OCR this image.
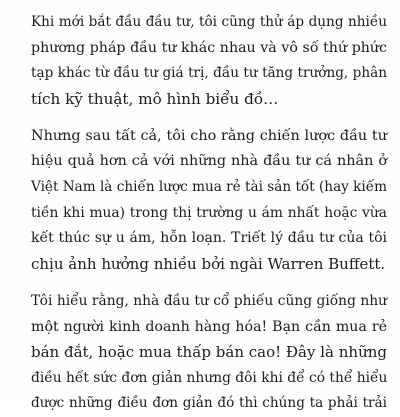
Khi mới bắt đầu đầu tư, tôi cũng thử áp dụng nhiều
phương pháp đầu tư khác nhau và vô số thứ phức
tạp khác từ đầu tư giá trị, đầu tư tăng trưởng, phân
tích kỹ thuật, mô hình biểu đồ…
Nhưng sau tất cả, tôi cho rằng chiến lược đầu tư
hiệu quả hơn cả với những nhà đầu tư cá nhân ở
Việt Nam là chiến lược mua rẻ tài sản tốt (hay kiếm
tiền khi mua) trong thị trường u ám nhất hoặc vừa
kết thúc sự u ám, hỗn loạn. Triết lý đầu tư của tôi
chịu ảnh hưởng nhiều bởi ngài Warren Buffett.
Tôi hiểu rằng, nhà đầu tư cổ phiếu cũng giống như
một người kinh doanh hàng hóa! Bạn cần mua rẻ
bán đắt, hoặc mua thấp bán cao! Đây là những
điều hết sức đơn giản nhưng đôi khi để có thể hiểu
được những điều đơn giản đó thì chúng ta phải trải
